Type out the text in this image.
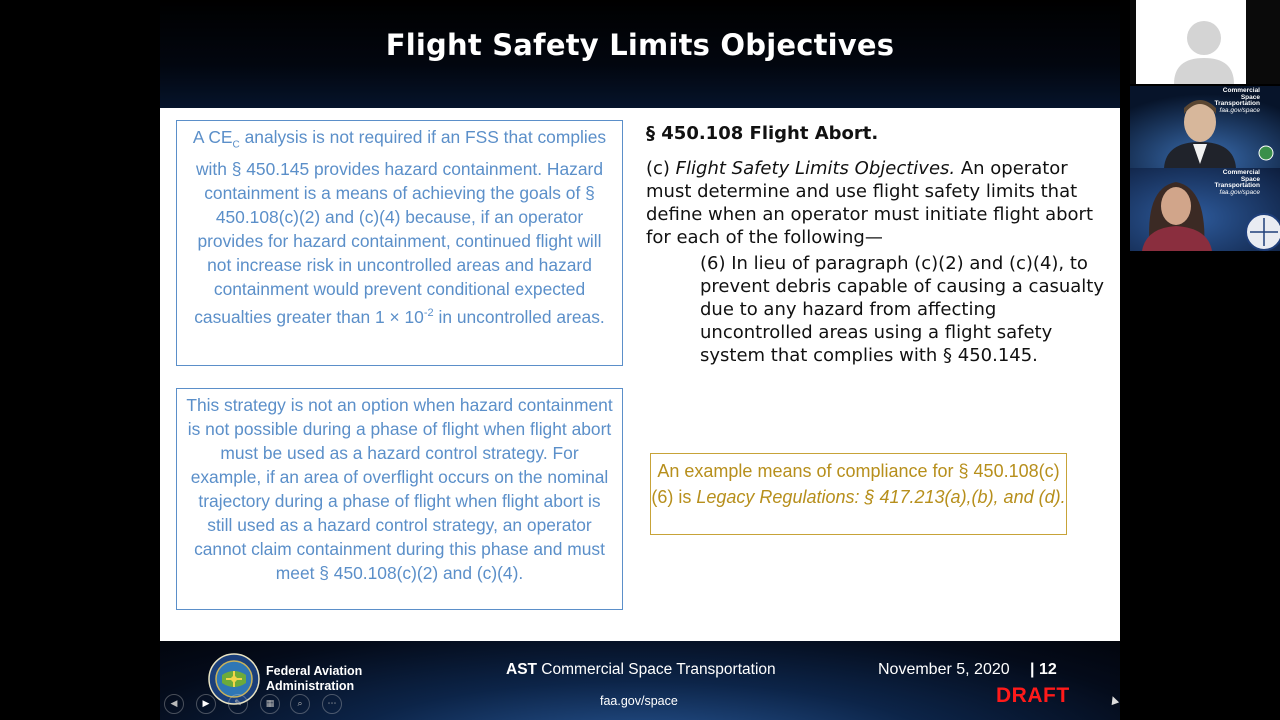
Flight Safety Limits Objectives
A $CE_C$ analysis is not required if an FSS that complies with § 450.145 provides hazard containment. Hazard containment is a means of achieving the goals of § 450.108(c)(2) and (c)(4) because, if an operator provides for hazard containment, continued flight will not increase risk in uncontrolled areas and hazard containment would prevent conditional expected casualties greater than $1 \times 10^{-2}$ in uncontrolled areas.
This strategy is not an option when hazard containment is not possible during a phase of flight when flight abort must be used as a hazard control strategy. For example, if an area of overflight occurs on the nominal trajectory during a phase of flight when flight abort is still used as a hazard control strategy, an operator cannot claim containment during this phase and must meet § 450.108(c)(2) and (c)(4).
§ 450.108 Flight Abort.
(c) Flight Safety Limits Objectives. An operator must determine and use flight safety limits that define when an operator must initiate flight abort for each of the following—
(6) In lieu of paragraph (c)(2) and (c)(4), to prevent debris capable of causing a casualty due to any hazard from affecting uncontrolled areas using a flight safety system that complies with § 450.145.
An example means of compliance for § 450.108(c)(6) is Legacy Regulations: § 417.213(a),(b), and (d).
Federal Aviation
Administration
AST Commercial Space Transportation
faa.gov/space
November 5, 2020 | 12
DRAFT
◀	▶	✎	▦	⌕	⋯
Commercial
Space
Transportation
faa.gov/space
Commercial
Space
Transportation
faa.gov/space
